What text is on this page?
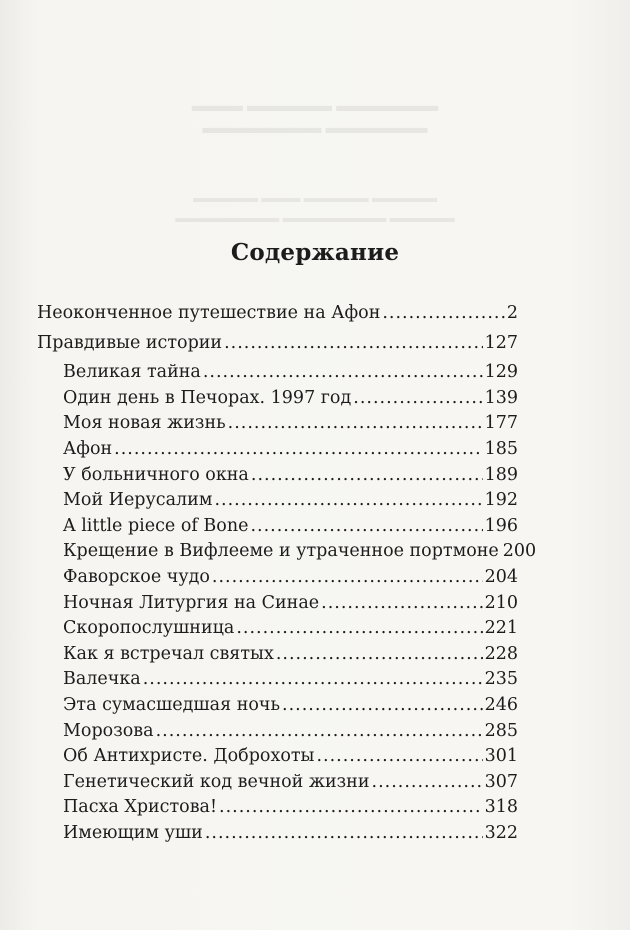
▬▬▬ ▬▬▬▬▬ ▬▬▬▬▬▬
▬▬▬▬▬▬▬ ▬▬▬▬▬▬
▬▬▬▬▬ ▬▬▬ ▬▬▬▬▬ ▬▬▬▬▬
▬▬▬▬▬▬▬▬ ▬▬▬▬▬▬▬▬ ▬▬▬▬▬
Содержание
Неоконченное путешествие на Афон .....	2
Правдивые истории .....	127
Великая тайна .....	129
Один день в Печорах. 1997 год .....	139
Моя новая жизнь .....	177
Афон .....	185
У больничного окна .....	189
Мой Иерусалим .....	192
A little piece of Bone .....	196
Крещение в Вифлееме и утраченное портмоне 200
Фаворское чудо .....	204
Ночная Литургия на Синае .....	210
Скоропослушница .....	221
Как я встречал святых .....	228
Валечка .....	235
Эта сумасшедшая ночь .....	246
Морозова .....	285
Об Антихристе. Доброхоты .....	301
Генетический код вечной жизни .....	307
Пасха Христова! .....	318
Имеющим уши .....	322
